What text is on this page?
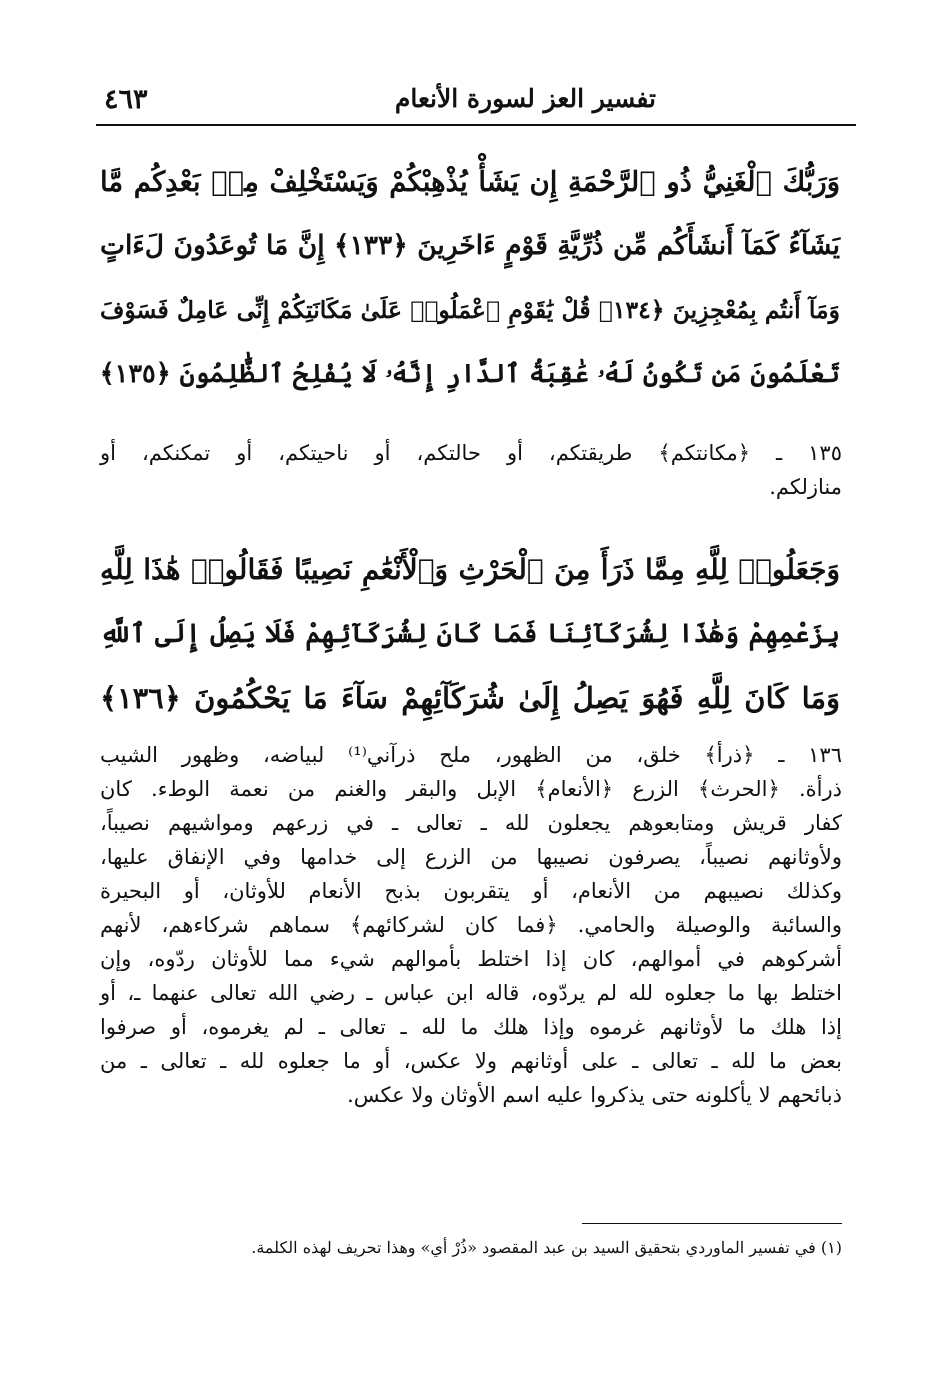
٤٦٣	تفسير العز لسورة الأنعام
وَرَبُّكَ ٱلْغَنِيُّ ذُو ٱلرَّحْمَةِ إِن يَشَأْ يُذْهِبْكُمْ وَيَسْتَخْلِفْ مِنۢ بَعْدِكُم مَّا
يَشَآءُ كَمَآ أَنشَأَكُم مِّن ذُرِّيَّةِ قَوْمٍ ءَاخَرِينَ ﴿١٣٣﴾ إِنَّ مَا تُوعَدُونَ لَءَاتٍ
وَمَآ أَنتُم بِمُعْجِزِينَ ﴿١٣٤﴾ قُلْ يَٰقَوْمِ ٱعْمَلُوا۟ عَلَىٰ مَكَانَتِكُمْ إِنِّى عَامِلٌ فَسَوْفَ
تَعْلَمُونَ مَن تَكُونُ لَهُۥ عَٰقِبَةُ ٱلدَّارِ إِنَّهُۥ لَا يُفْلِحُ ٱلظَّٰلِمُونَ ﴿١٣٥﴾
١٣٥ ـ ﴿مكانتكم﴾ طريقتكم، أو حالتكم، أو ناحيتكم، أو تمكنكم، أو
منازلكم.
وَجَعَلُوا۟ لِلَّهِ مِمَّا ذَرَأَ مِنَ ٱلْحَرْثِ وَٱلْأَنْعَٰمِ نَصِيبًا فَقَالُوا۟ هَٰذَا لِلَّهِ
بِزَعْمِهِمْ وَهَٰذَا لِشُرَكَآئِنَا فَمَا كَانَ لِشُرَكَآئِهِمْ فَلَا يَصِلُ إِلَى ٱللَّهِ
وَمَا كَانَ لِلَّهِ فَهُوَ يَصِلُ إِلَىٰ شُرَكَآئِهِمْ سَآءَ مَا يَحْكُمُونَ ﴿١٣٦﴾
١٣٦ ـ ﴿ذرأ﴾ خلق، من الظهور، ملح ذرآني⁽¹⁾ لبياضه، وظهور الشيب
ذرأة. ﴿الحرث﴾ الزرع ﴿الأنعام﴾ الإبل والبقر والغنم من نعمة الوطء. كان
كفار قريش ومتابعوهم يجعلون لله ـ تعالى ـ في زرعهم ومواشيهم نصيباً،
ولأوثانهم نصيباً، يصرفون نصيبها من الزرع إلى خدامها وفي الإنفاق عليها،
وكذلك نصيبهم من الأنعام، أو يتقربون بذبح الأنعام للأوثان، أو البحيرة
والسائبة والوصيلة والحامي. ﴿فما كان لشركائهم﴾ سماهم شركاءهم، لأنهم
أشركوهم في أموالهم، كان إذا اختلط بأموالهم شيء مما للأوثان ردّوه، وإن
اختلط بها ما جعلوه لله لم يردّوه، قاله ابن عباس ـ رضي الله تعالى عنهما ـ، أو
إذا هلك ما لأوثانهم غرموه وإذا هلك ما لله ـ تعالى ـ لم يغرموه، أو صرفوا
بعض ما لله ـ تعالى ـ على أوثانهم ولا عكس، أو ما جعلوه لله ـ تعالى ـ من
ذبائحهم لا يأكلونه حتى يذكروا عليه اسم الأوثان ولا عكس.
(١) في تفسير الماوردي بتحقيق السيد بن عبد المقصود «ذُرْ أي» وهذا تحريف لهذه الكلمة.
